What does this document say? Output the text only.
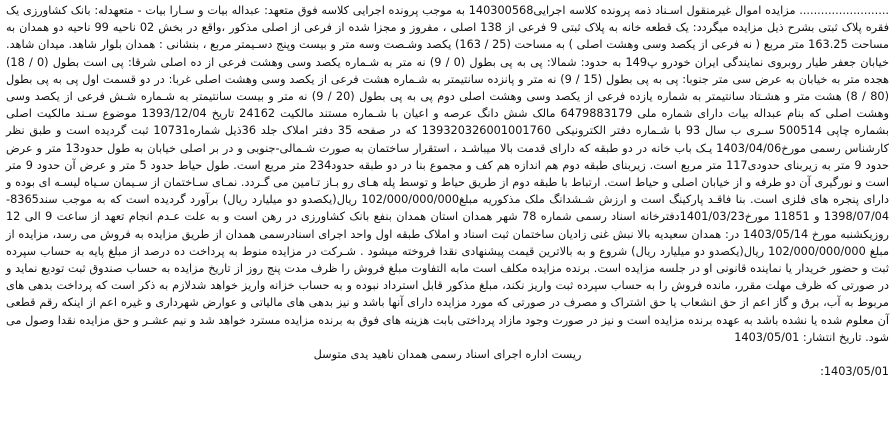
......................... مزایده اموال غیرمنقول اسـناد ذمه پرونده کلاسه اجرایی140300568 به موجب پرونده اجرایی کلاسه فوق متعهد: عبداله بیات و سـارا بیات - متعهدله: بانک کشاورزی یک فقره پلاک ثبتی بشرح ذیل مزایده میگردد: یک قطعه خانه به پلاک ثبتی 9 فرعی از 138 اصلی ، مفروز و مجزا شده از فرعی از اصلی مذکور ،واقع در بخش 02 ناحیه 99 ناحیه دو همدان به مساحت 163.25 متر مربع ( نه فرعی از یکصد وسی وهشت اصلی ) به مساحت (25 / 163) یکصد وشـصت وسه متر و بیست وپنج دسـیمتر مربع ، بنشانی : همدان بلوار شاهد. میدان شاهد. خیابان جعفر طیار روبروی نمایندگی ایران خودرو پ149 به حدود: شمالا: پی به پی بطول (0 / 9) نه متر به شـماره یکصد وسی وهشت فرعی از ده اصلی شرقا: پی است بطول (0 / 18) هجده متر به خیابان به عرض سی متر جنوبا: پی به پی بطول (15 / 9) نه متر و پانزده سانتیمتر به شـماره هشت فرعی از یکصد وسی وهشت اصلی غربا: در دو قسمت اول پی به پی بطول (80 / 8) هشت متر و هشـتاد سانتیمتر به شماره یازده فرعی از یکصد وسی وهشت اصلی دوم پی به پی بطول (20 / 9) نه متر و بیست سانتیمتر به شـماره شـش فرعی از یکصد وسی وهشت اصلی که بنام عبداله بیات دارای شماره ملی 6479883179 مالک شش دانگ عرصه و اعیان با شـماره مستند مالکیت 24162 تاریخ 1393/12/04 موضوع سـند مالکیت اصلی بشماره چاپی 500514 سـری ب سال 93 با شـماره دفتر الکترونیکی 139320326001001760 که در صفحه 35 دفتر املاک جلد 36ذیل شماره10731 ثبت گردیده است و طبق نظر کارشناس رسمی مورخ1403/04/06 یـک باب خانه در دو طبقه که دارای قدمت بالا میباشـد ، استقرار ساختمان به صورت شـمالی-جنوبی و در بر اصلی خیابان به طول حدود13 متر و عرض حدود 9 متر به زیربنای حدودی117 متر مربع است. زیربنای طبقه دوم هم اندازه هم کف و مجموع بنا در دو طبقه حدود234 متر مربع است. طول حیاط حدود 5 متر و عرض آن حدود 9 متر است و نورگیری آن دو طرفه و از خیابان اصلی و حیاط است. ارتباط با طبقه دوم از طریق حیاط و توسط پله هـای رو بـاز تـامین می گـردد. نمـای سـاختمان از سـیمان سـیاه لیسـه ای بوده و دارای پنجره های فلزی است. بنا فاقـد پارکینگ است و ارزش شـشدانگ ملک مذکوریه مبلغ102/000/000/000 ریال(یکصدو دو میلیارد ریال) برآورد گردیده است که به موجب سند8365-1398/07/04 و 11851 مورخ1401/03/23دفترخانه اسناد رسمی شماره 78 شهر همدان استان همدان بنفع بانک کشاورزی در رهن است و به علت عـدم انجام تعهد از ساعت 9 الی 12 روزیکشنبه مورخ 1403/05/14 در: همدان سعیدیه بالا نبش غنی زادیان ساختمان ثبت اسناد و املاک طبقه اول واحد اجرای اسنادرسمی همدان از طریق مزایده به فروش می رسد، مزایده از مبلغ 102/000/000/000 ریال(یکصدو دو میلیارد ریال) شروع و به بالاترین قیمت پیشنهادی نقدا فروخته میشود . شـرکت در مزایده منوط به پرداخت ده درصد از مبلغ پایه به حساب سپرده ثبت و حضور خریدار یا نماینده قانونی او در جلسه مزایده است. برنده مزایده مکلف است مابه التفاوت مبلغ فروش را ظرف مدت پنج روز از تاریخ مزایده به حساب صندوق ثبت تودیع نماید و در صورتی که ظرف مهلت مقرر، مانده فروش را به حساب سپرده ثبت واریز نکند، مبلغ مذکور قابل استرداد نبوده و به حساب خزانه واریز خواهد شدلازم به ذکر است که پرداخت بدهی های مربوط به آب، برق و گاز اعم از حق انشعاب یا حق اشتراک و مصرف در صورتی که مورد مزایده دارای آنها باشد و نیز بدهی های مالیاتی و عوارض شهرداری و غیره اعم از اینکه رقم قطعی آن معلوم شده یا نشده باشد به عهده برنده مزایده است و نیز در صورت وجود مازاد پرداختی بابت هزینه های فوق به برنده مزایده مسترد خواهد شد و نیم عشـر و حق مزایده نقدا وصول می شود. تاریخ انتشار: 1403/05/01

ریست اداره اجرای اسناد رسمی همدان ناهید یدی متوسل

1403/05/01:
